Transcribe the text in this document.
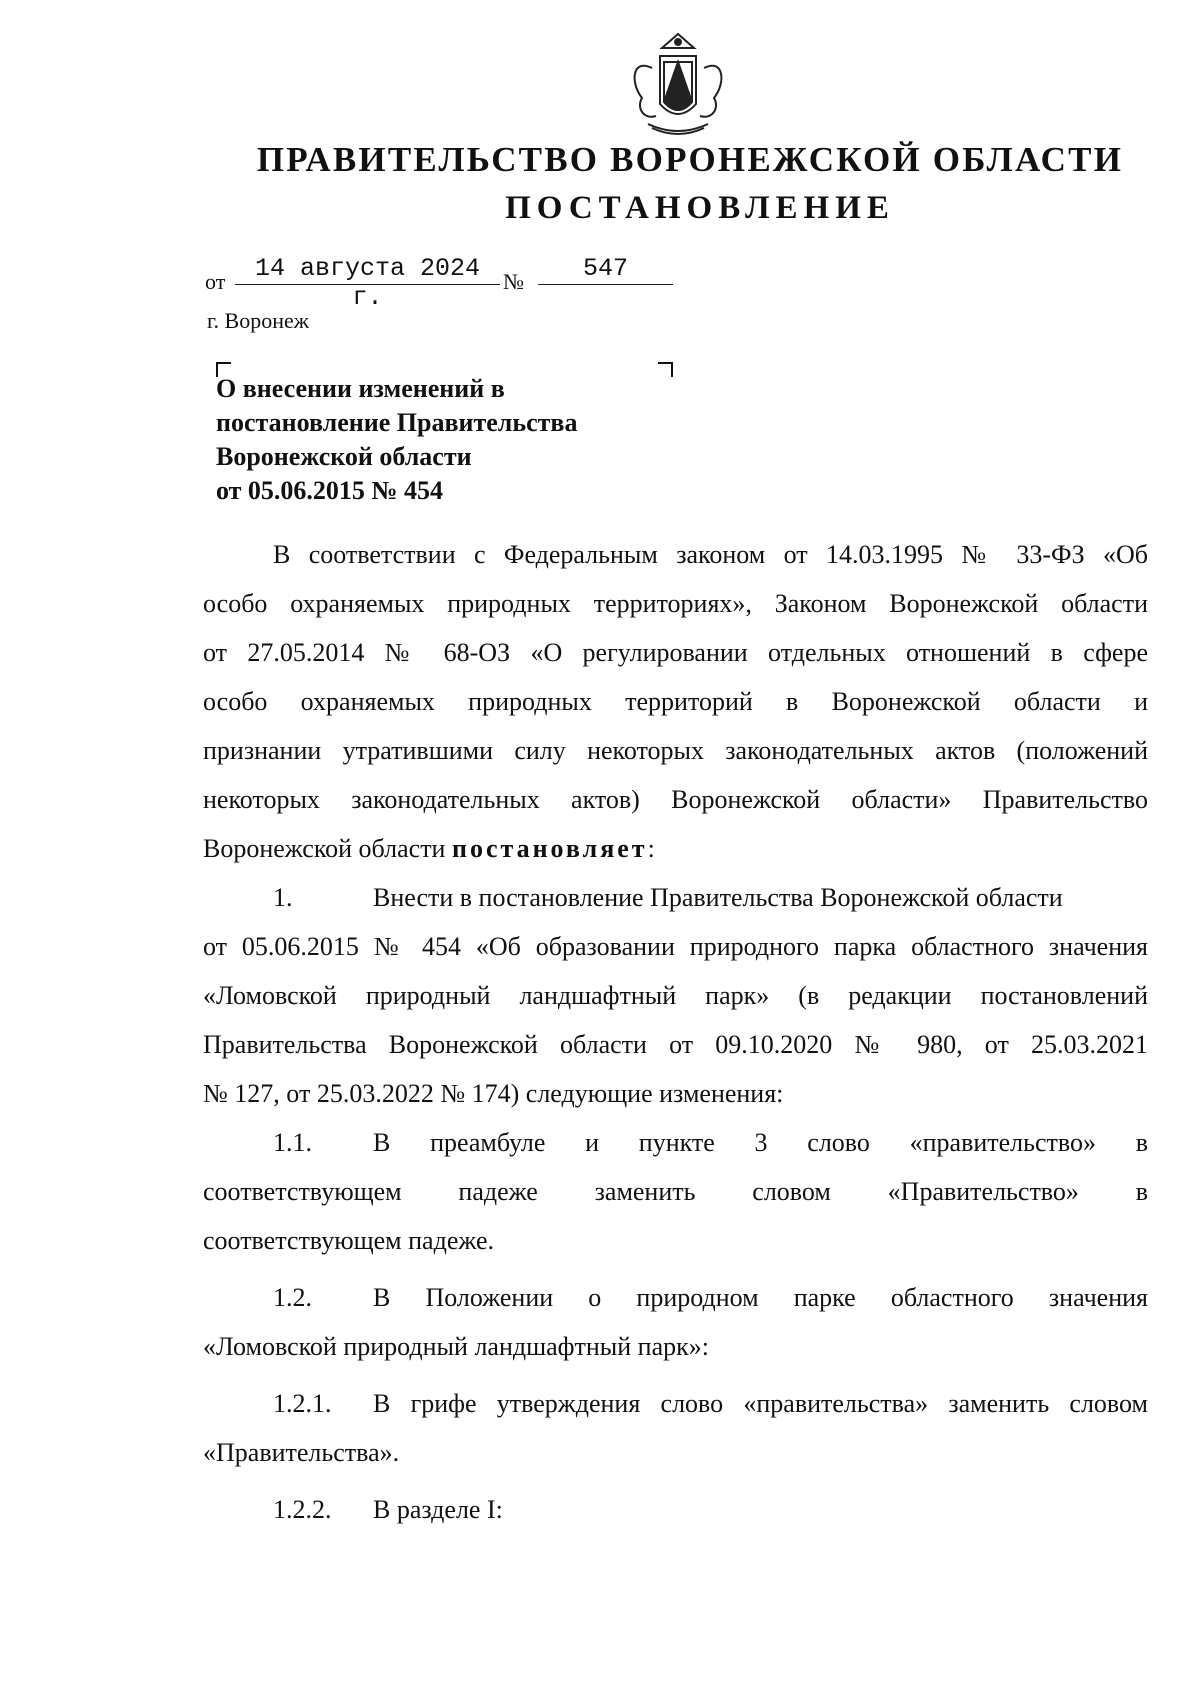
ПРАВИТЕЛЬСТВО ВОРОНЕЖСКОЙ ОБЛАСТИ
ПОСТАНОВЛЕНИЕ
от	14 августа 2024 г.
№	547
г. Воронеж
О внесении изменений в
постановление Правительства
Воронежской области
от 05.06.2015 № 454
В соответствии с Федеральным законом от 14.03.1995 № 33-ФЗ «Об
особо охраняемых природных территориях», Законом Воронежской области
от 27.05.2014 № 68-ОЗ «О регулировании отдельных отношений в сфере
особо охраняемых природных территорий в Воронежской области и
признании утратившими силу некоторых законодательных актов (положений
некоторых законодательных актов) Воронежской области» Правительство
Воронежской области постановляет:
1.	Внести в постановление Правительства Воронежской области
от 05.06.2015 № 454 «Об образовании природного парка областного значения
«Ломовской природный ландшафтный парк» (в редакции постановлений
Правительства Воронежской области от 09.10.2020 № 980, от 25.03.2021
№ 127, от 25.03.2022 № 174) следующие изменения:
1.1. В преамбуле и пункте 3 слово «правительство» в
соответствующем падеже заменить словом «Правительство» в
соответствующем падеже.
1.2. В Положении о природном парке областного значения
«Ломовской природный ландшафтный парк»:
1.2.1. В грифе утверждения слово «правительства» заменить словом
«Правительства».
1.2.2. В разделе I:
